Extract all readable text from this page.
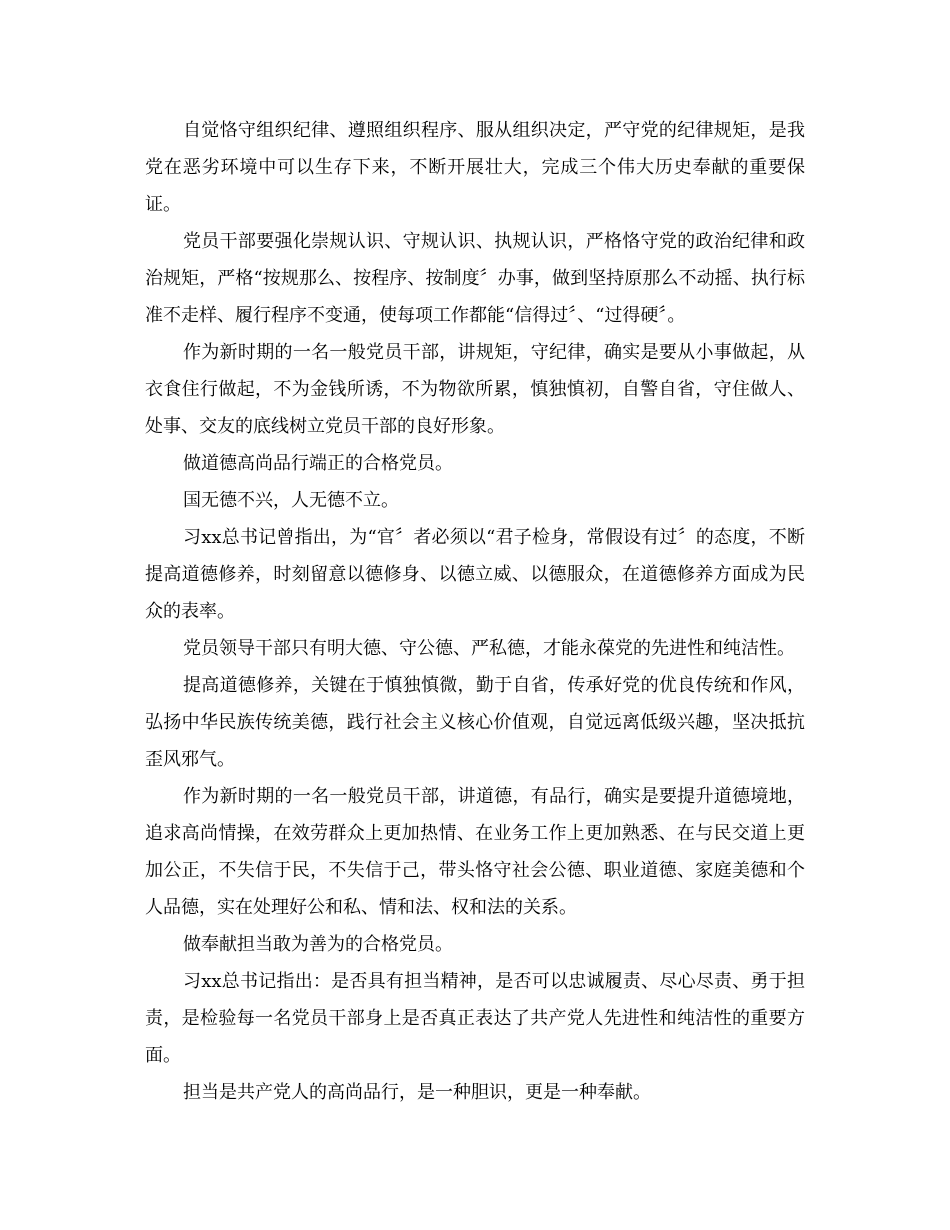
自觉恪守组织纪律、遵照组织程序、服从组织决定，严守党的纪律规矩，是我党在恶劣环境中可以生存下来，不断开展壮大，完成三个伟大历史奉献的重要保证。

党员干部要强化崇规认识、守规认识、执规认识，严格恪守党的政治纪律和政治规矩，严格“按规那么、按程序、按制度〞办事，做到坚持原那么不动摇、执行标准不走样、履行程序不变通，使每项工作都能“信得过〞、“过得硬〞。

作为新时期的一名一般党员干部，讲规矩，守纪律，确实是要从小事做起，从衣食住行做起，不为金钱所诱，不为物欲所累，慎独慎初，自警自省，守住做人、处事、交友的底线树立党员干部的良好形象。

做道德高尚品行端正的合格党员。

国无德不兴，人无德不立。

习xx总书记曾指出，为“官〞者必须以“君子检身，常假设有过〞的态度，不断提高道德修养，时刻留意以德修身、以德立威、以德服众，在道德修养方面成为民众的表率。

党员领导干部只有明大德、守公德、严私德，才能永葆党的先进性和纯洁性。

提高道德修养，关键在于慎独慎微，勤于自省，传承好党的优良传统和作风，弘扬中华民族传统美德，践行社会主义核心价值观，自觉远离低级兴趣，坚决抵抗歪风邪气。

作为新时期的一名一般党员干部，讲道德，有品行，确实是要提升道德境地，追求高尚情操，在效劳群众上更加热情、在业务工作上更加熟悉、在与民交道上更加公正，不失信于民，不失信于己，带头恪守社会公德、职业道德、家庭美德和个人品德，实在处理好公和私、情和法、权和法的关系。

做奉献担当敢为善为的合格党员。

习xx总书记指出：是否具有担当精神，是否可以忠诚履责、尽心尽责、勇于担责，是检验每一名党员干部身上是否真正表达了共产党人先进性和纯洁性的重要方面。

担当是共产党人的高尚品行，是一种胆识，更是一种奉献。
